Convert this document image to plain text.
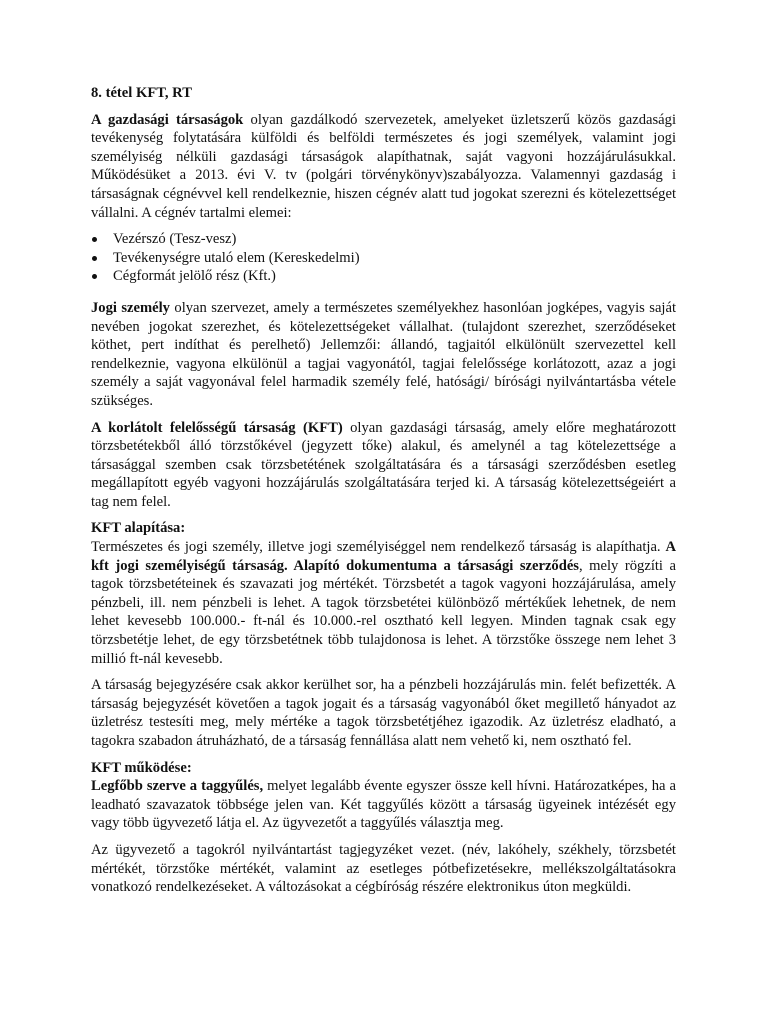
8. tétel KFT, RT

A gazdasági társaságok olyan gazdálkodó szervezetek, amelyeket üzletszerű közös gazdasági tevékenység folytatására külföldi és belföldi természetes és jogi személyek, valamint jogi személyiség nélküli gazdasági társaságok alapíthatnak, saját vagyoni hozzájárulásukkal. Működésüket a 2013. évi V. tv (polgári törvénykönyv)szabályozza. Valamennyi gazdaság i társaságnak cégnévvel kell rendelkeznie, hiszen cégnév alatt tud jogokat szerezni és kötelezettséget vállalni. A cégnév tartalmi elemei:

Vezérszó (Tesz-vesz)
Tevékenységre utaló elem (Kereskedelmi)
Cégformát jelölő rész (Kft.)

Jogi személy olyan szervezet, amely a természetes személyekhez hasonlóan jogképes, vagyis saját nevében jogokat szerezhet, és kötelezettségeket vállalhat. (tulajdont szerezhet, szerződéseket köthet, pert indíthat és perelhető) Jellemzői: állandó, tagjaitól elkülönült szervezettel kell rendelkeznie, vagyona elkülönül a tagjai vagyonától, tagjai felelőssége korlátozott, azaz a jogi személy a saját vagyonával felel harmadik személy felé, hatósági/ bírósági nyilvántartásba vétele szükséges.

A korlátolt felelősségű társaság (KFT) olyan gazdasági társaság, amely előre meghatározott törzsbetétekből álló törzstőkével (jegyzett tőke) alakul, és amelynél a tag kötelezettsége a társasággal szemben csak törzsbetétének szolgáltatására és a társasági szerződésben esetleg megállapított egyéb vagyoni hozzájárulás szolgáltatására terjed ki. A társaság kötelezettségeiért a tag nem felel.

KFT alapítása:
Természetes és jogi személy, illetve jogi személyiséggel nem rendelkező társaság is alapíthatja. A kft jogi személyiségű társaság. Alapító dokumentuma a társasági szerződés, mely rögzíti a tagok törzsbetéteinek és szavazati jog mértékét. Törzsbetét a tagok vagyoni hozzájárulása, amely pénzbeli, ill. nem pénzbeli is lehet. A tagok törzsbetétei különböző mértékűek lehetnek, de nem lehet kevesebb 100.000.- ft-nál és 10.000.-rel osztható kell legyen. Minden tagnak csak egy törzsbetétje lehet, de egy törzsbetétnek több tulajdonosa is lehet. A törzstőke összege nem lehet 3 millió ft-nál kevesebb.

A társaság bejegyzésére csak akkor kerülhet sor, ha a pénzbeli hozzájárulás min. felét befizették. A társaság bejegyzését követően a tagok jogait és a társaság vagyonából őket megillető hányadot az üzletrész testesíti meg, mely mértéke a tagok törzsbetétjéhez igazodik. Az üzletrész eladható, a tagokra szabadon átruházható, de a társaság fennállása alatt nem vehető ki, nem osztható fel.

KFT működése:
Legfőbb szerve a taggyűlés, melyet legalább évente egyszer össze kell hívni. Határozatképes, ha a leadható szavazatok többsége jelen van. Két taggyűlés között a társaság ügyeinek intézését egy vagy több ügyvezető látja el. Az ügyvezetőt a taggyűlés választja meg.

Az ügyvezető a tagokról nyilvántartást tagjegyzéket vezet. (név, lakóhely, székhely, törzsbetét mértékét, törzstőke mértékét, valamint az esetleges pótbefizetésekre, mellékszolgáltatásokra vonatkozó rendelkezéseket. A változásokat a cégbíróság részére elektronikus úton megküldi.
